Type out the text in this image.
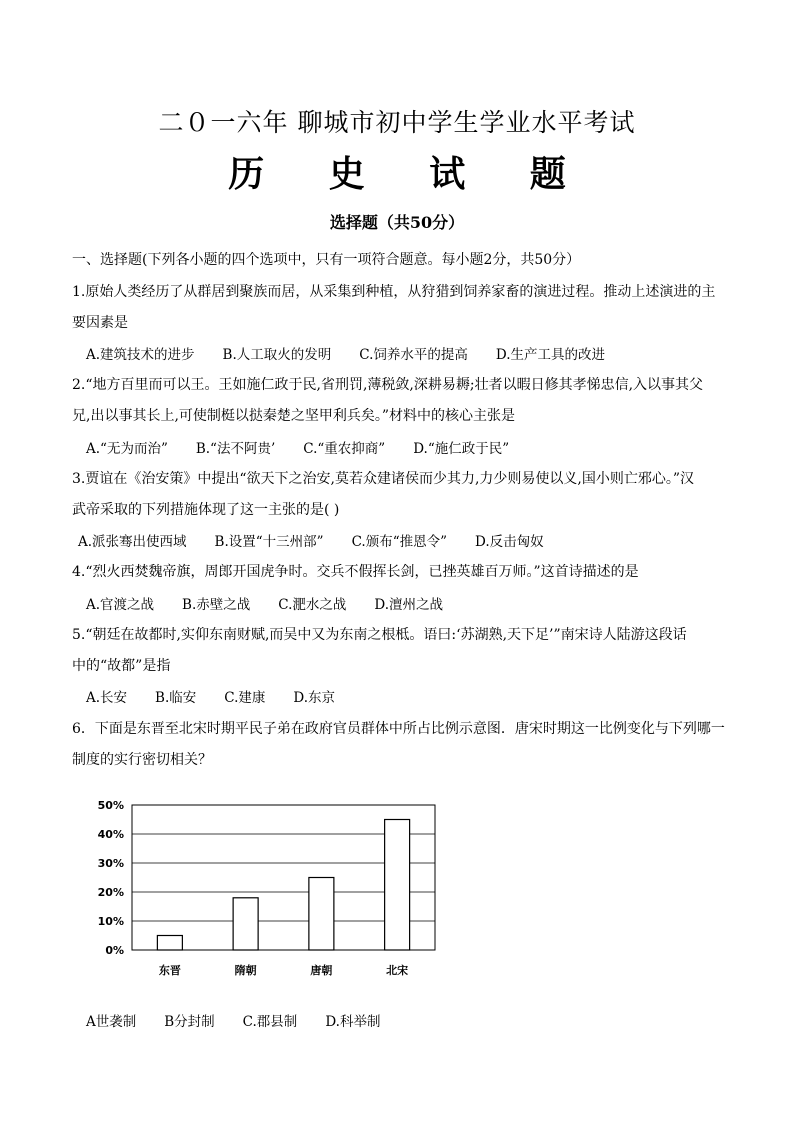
二０一六年 聊城市初中学生学业水平考试
历 史 试 题
选择题（共50分）
一、选择题(下列各小题的四个选项中，只有一项符合题意。每小题2分，共50分）
1.原始人类经历了从群居到聚族而居，从采集到种植，从狩猎到饲养家畜的演进过程。推动上述演进的主
要因素是
A.建筑技术的进步 B.人工取火的发明 C.饲养水平的提高 D.生产工具的改进
2.“地方百里而可以王。王如施仁政于民,省刑罚,薄税敛,深耕易耨;壮者以暇日修其孝悌忠信,入以事其父
兄,出以事其长上,可使制梃以挞秦楚之坚甲利兵矣。”材料中的核心主张是
A.“无为而治” B.“法不阿贵’ C.“重农抑商” D.“施仁政于民”
3.贾谊在《治安策》中提出“欲天下之治安,莫若众建诸侯而少其力,力少则易使以义,国小则亡邪心。”汉
武帝采取的下列措施体现了这一主张的是( )
A.派张骞出使西域 B.设置“十三州部” C.颁布“推恩令” D.反击匈奴
4.“烈火西焚魏帝旗，周郎开国虎争时。交兵不假挥长剑，已挫英雄百万师。”这首诗描述的是
A.官渡之战 B.赤壁之战 C.淝水之战 D.澶州之战
5.“朝廷在故都时,实仰东南财赋,而吴中又为东南之根柢。语曰:‘苏湖熟,天下足’”南宋诗人陆游这段话
中的“故都”是指
A.长安 B.临安 C.建康 D.东京
6．下面是东晋至北宋时期平民子弟在政府官员群体中所占比例示意图．唐宋时期这一比例变化与下列哪一
制度的实行密切相关？
0%
10%
20%
30%
40%
50%
东晋	隋朝	唐朝	北宋
A世袭制 B分封制 C.郡县制 D.科举制
